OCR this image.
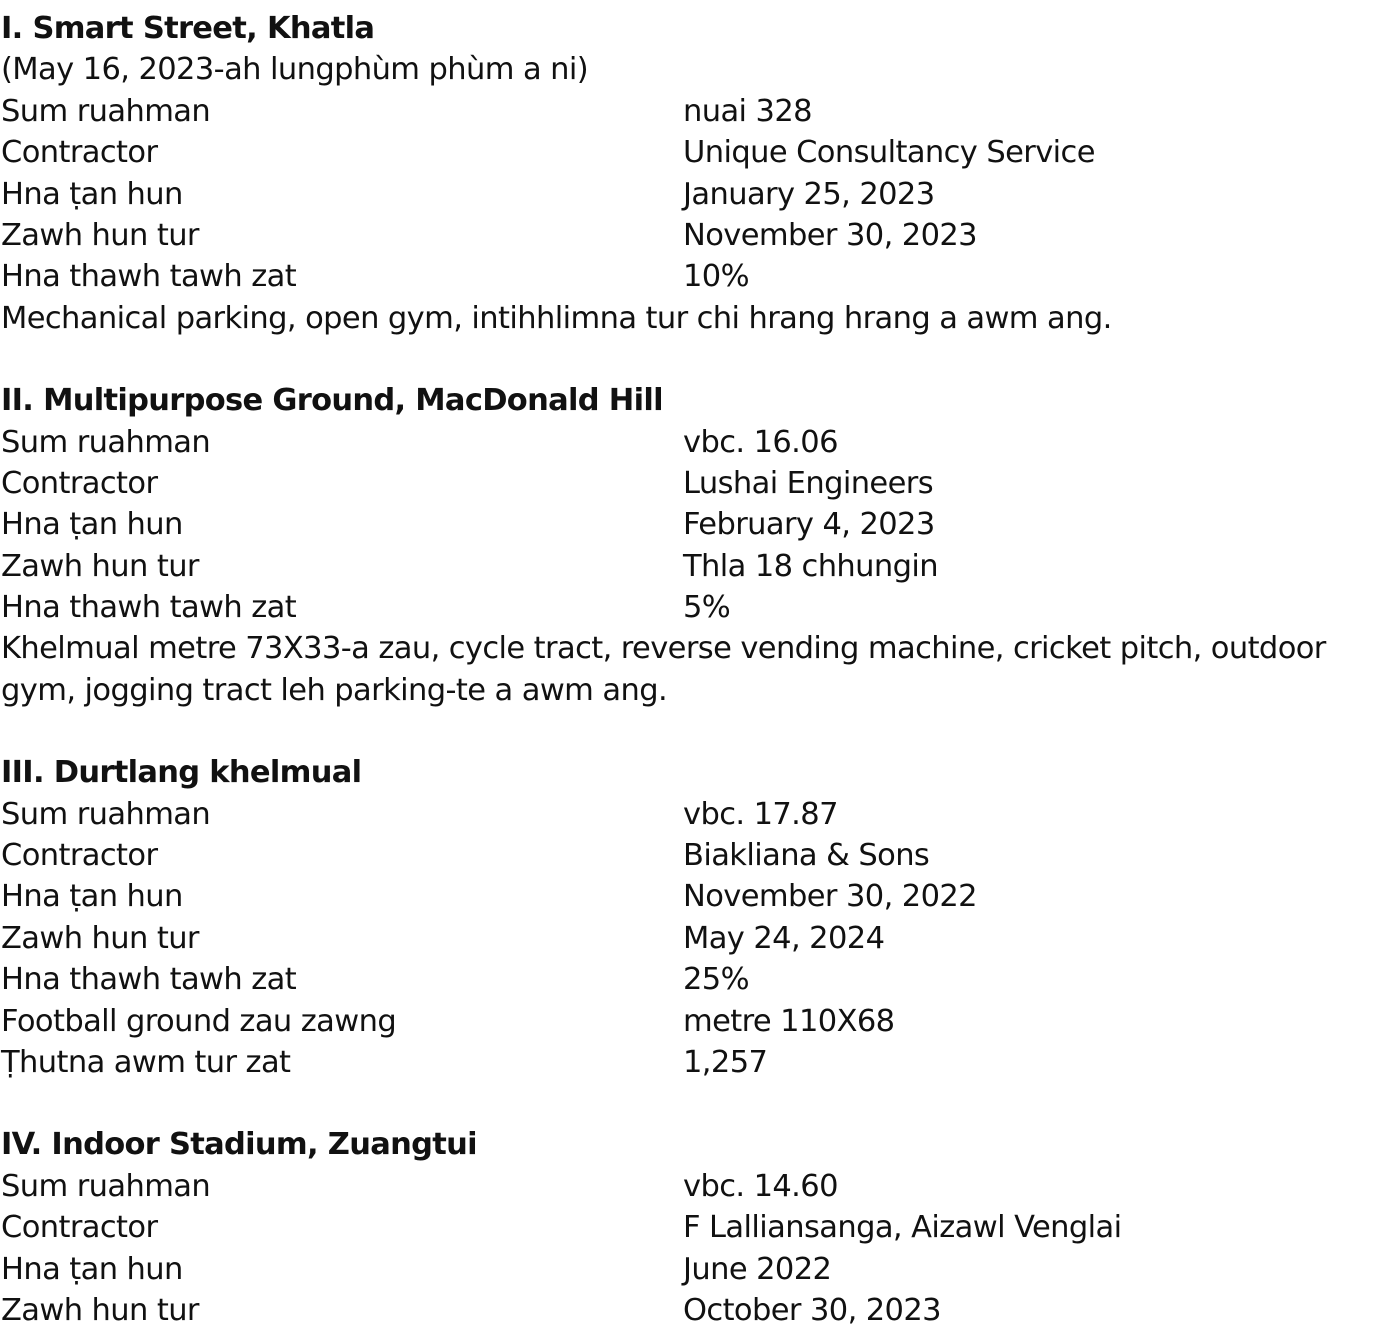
I. Smart Street, Khatla
(May 16, 2023-ah lungphùm phùm a ni)
Sum ruahman	nuai 328
Contractor	Unique Consultancy Service
Hna ṭan hun	January 25, 2023
Zawh hun tur	November 30, 2023
Hna thawh tawh zat	10%
Mechanical parking, open gym, intihhlimna tur chi hrang hrang a awm ang.
II. Multipurpose Ground, MacDonald Hill
Sum ruahman	vbc. 16.06
Contractor	Lushai Engineers
Hna ṭan hun	February 4, 2023
Zawh hun tur	Thla 18 chhungin
Hna thawh tawh zat	5%
Khelmual metre 73X33-a zau, cycle tract, reverse vending machine, cricket pitch, outdoor gym, jogging tract leh parking-te a awm ang.
III. Durtlang khelmual
Sum ruahman	vbc. 17.87
Contractor	Biakliana & Sons
Hna ṭan hun	November 30, 2022
Zawh hun tur	May 24, 2024
Hna thawh tawh zat	25%
Football ground zau zawng	metre 110X68
Ṭhutna awm tur zat	1,257
IV. Indoor Stadium, Zuangtui
Sum ruahman	vbc. 14.60
Contractor	F Lalliansanga, Aizawl Venglai
Hna ṭan hun	June 2022
Zawh hun tur	October 30, 2023
